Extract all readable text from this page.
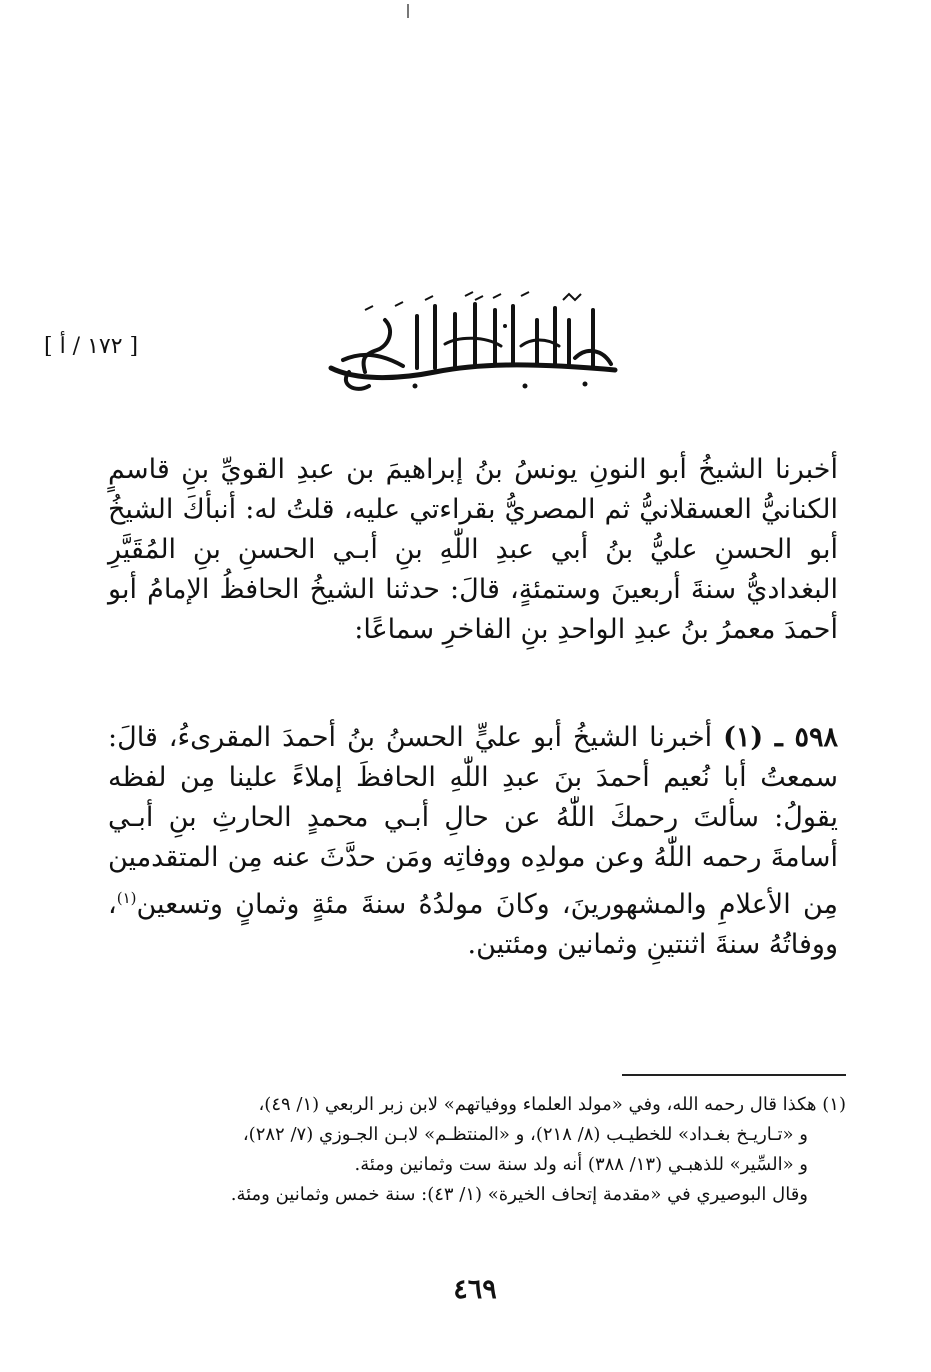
[ ١٧٢ / أ ]
أخبرنا الشيخُ أبو النونِ يونسُ بنُ إبراهيمَ بن عبدِ القويِّ بنِ قاسمٍ الكنانيُّ العسقلانيُّ ثم المصريُّ بقراءتي عليه، قلتُ له: أنبأكَ الشيخُ أبو الحسنِ عليُّ بنُ أبي عبدِ اللّٰهِ بنِ أبـي الحسنِ بنِ المُقَيَّرِ البغداديُّ سنةَ أربعينَ وستمئةٍ، قالَ: حدثنا الشيخُ الحافظُ الإمامُ أبو أحمدَ معمرُ بنُ عبدِ الواحدِ بنِ الفاخرِ سماعًا:
٥٩٨ ـ (١) أخبرنا الشيخُ أبو عليٍّ الحسنُ بنُ أحمدَ المقرىءُ، قالَ: سمعتُ أبا نُعيم أحمدَ بنَ عبدِ اللّٰهِ الحافظَ إملاءً علينا مِن لفظه يقولُ: سألتَ رحمكَ اللّٰهُ عن حالِ أبـي محمدٍ الحارثِ بنِ أبـي أسامةَ رحمه اللّٰهُ وعن مولدِه ووفاتِه ومَن حدَّثَ عنه مِن المتقدمين مِن الأعلامِ والمشهورينَ، وكانَ مولدُهُ سنةَ مئةٍ وثمانٍ وتسعين$^{(١)}$، ووفاتُهُ سنةَ اثنتينِ وثمانين ومئتين.
(١) هكذا قال رحمه الله، وفي «مولد العلماء ووفياتهم» لابن زبر الربعي (١/ ٤٩)،
و «تـاريـخ بغـداد» للخطيـب (٨/ ٢١٨)، و «المنتظـم» لابـن الجـوزي (٧/ ٢٨٢)،
و «السِّير» للذهبـي (١٣/ ٣٨٨) أنه ولد سنة ست وثمانين ومئة.
وقال البوصيري في «مقدمة إتحاف الخيرة» (١/ ٤٣): سنة خمس وثمانين ومئة.
٤٦٩
